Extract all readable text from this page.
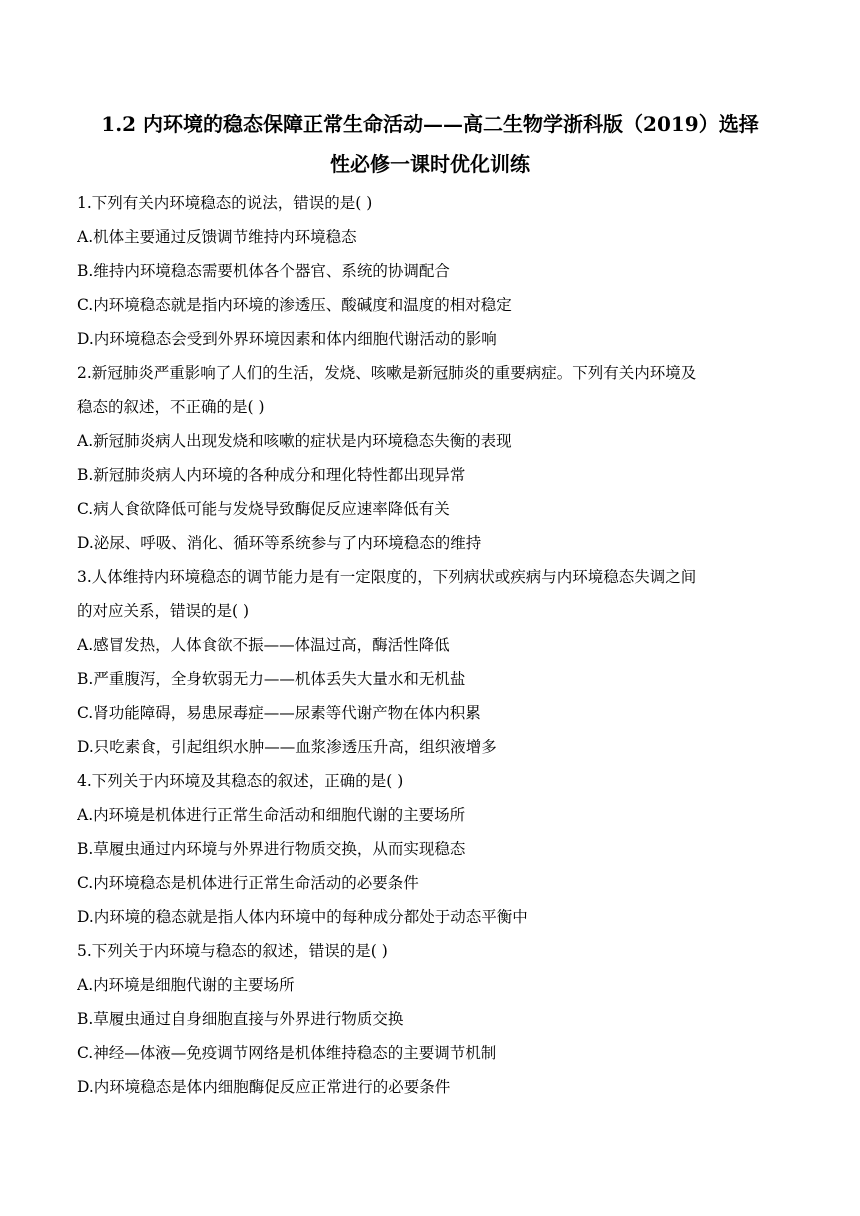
1.2 内环境的稳态保障正常生命活动——高二生物学浙科版（2019）选择
性必修一课时优化训练
1.下列有关内环境稳态的说法，错误的是( )
A.机体主要通过反馈调节维持内环境稳态
B.维持内环境稳态需要机体各个器官、系统的协调配合
C.内环境稳态就是指内环境的渗透压、酸碱度和温度的相对稳定
D.内环境稳态会受到外界环境因素和体内细胞代谢活动的影响
2.新冠肺炎严重影响了人们的生活，发烧、咳嗽是新冠肺炎的重要病症。下列有关内环境及
稳态的叙述，不正确的是( )
A.新冠肺炎病人出现发烧和咳嗽的症状是内环境稳态失衡的表现
B.新冠肺炎病人内环境的各种成分和理化特性都出现异常
C.病人食欲降低可能与发烧导致酶促反应速率降低有关
D.泌尿、呼吸、消化、循环等系统参与了内环境稳态的维持
3.人体维持内环境稳态的调节能力是有一定限度的，下列病状或疾病与内环境稳态失调之间
的对应关系，错误的是( )
A.感冒发热，人体食欲不振——体温过高，酶活性降低
B.严重腹泻，全身软弱无力——机体丢失大量水和无机盐
C.肾功能障碍，易患尿毒症——尿素等代谢产物在体内积累
D.只吃素食，引起组织水肿——血浆渗透压升高，组织液增多
4.下列关于内环境及其稳态的叙述，正确的是( )
A.内环境是机体进行正常生命活动和细胞代谢的主要场所
B.草履虫通过内环境与外界进行物质交换，从而实现稳态
C.内环境稳态是机体进行正常生命活动的必要条件
D.内环境的稳态就是指人体内环境中的每种成分都处于动态平衡中
5.下列关于内环境与稳态的叙述，错误的是( )
A.内环境是细胞代谢的主要场所
B.草履虫通过自身细胞直接与外界进行物质交换
C.神经—体液—免疫调节网络是机体维持稳态的主要调节机制
D.内环境稳态是体内细胞酶促反应正常进行的必要条件
